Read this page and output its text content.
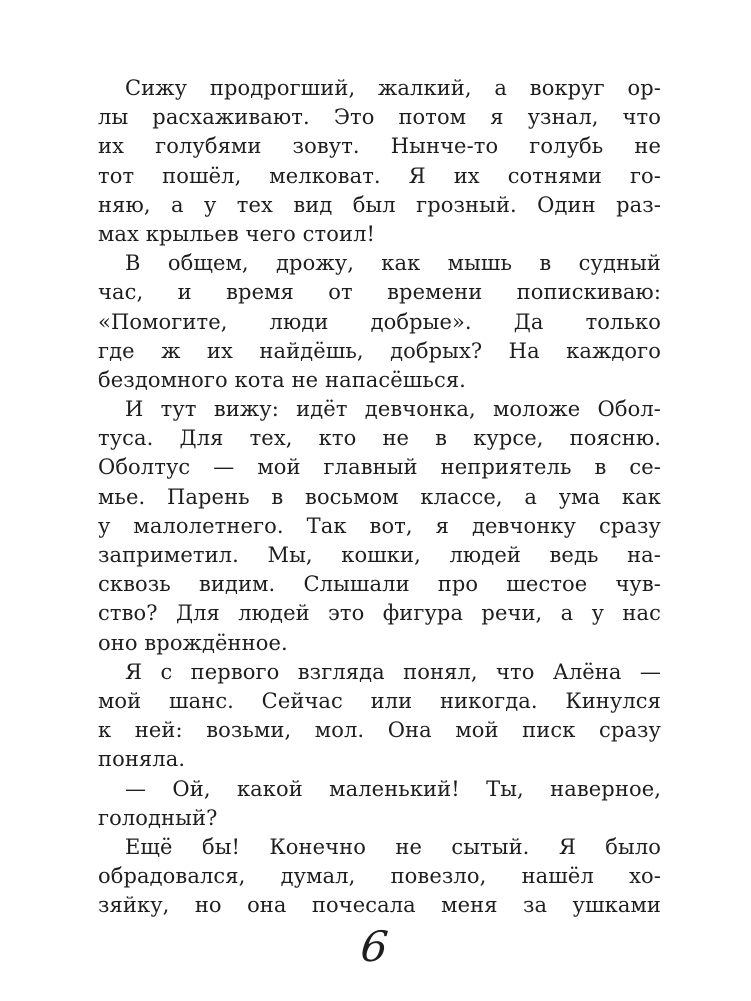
Сижу продрогший, жалкий, а вокруг ор-
лы расхаживают. Это потом я узнал, что
их голубями зовут. Нынче-то голубь не
тот пошёл, мелковат. Я их сотнями го-
няю, а у тех вид был грозный. Один раз-
мах крыльев чего стоил!
В общем, дрожу, как мышь в судный
час, и время от времени попискиваю:
«Помогите, люди добрые». Да только
где ж их найдёшь, добрых? На каждого
бездомного кота не напасёшься.
И тут вижу: идёт девчонка, моложе Обол-
туса. Для тех, кто не в курсе, поясню.
Оболтус — мой главный неприятель в се-
мье. Парень в восьмом классе, а ума как
у малолетнего. Так вот, я девчонку сразу
заприметил. Мы, кошки, людей ведь на-
сквозь видим. Слышали про шестое чув-
ство? Для людей это фигура речи, а у нас
оно врождённое.
Я с первого взгляда понял, что Алёна —
мой шанс. Сейчас или никогда. Кинулся
к ней: возьми, мол. Она мой писк сразу
поняла.
— Ой, какой маленький! Ты, наверное,
голодный?
Ещё бы! Конечно не сытый. Я было
обрадовался, думал, повезло, нашёл хо-
зяйку, но она почесала меня за ушками
6
